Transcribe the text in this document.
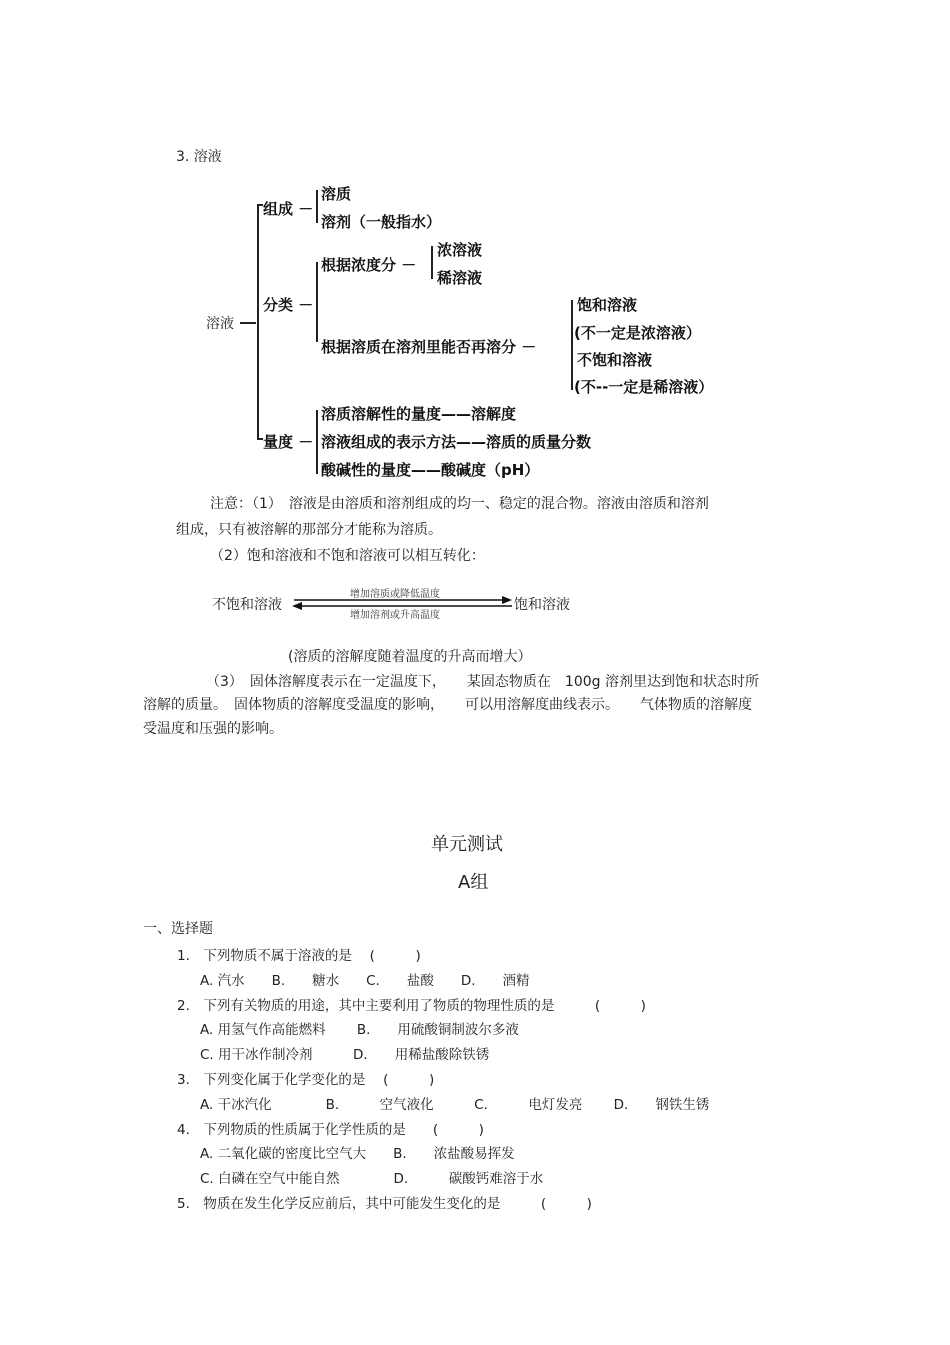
3. 溶液
溶液
组成 －
溶质
溶剂（一般指水）
分类 －
根据浓度分 －
浓溶液
稀溶液
根据溶质在溶剂里能否再溶分 －
饱和溶液
(不一定是浓溶液）
不饱和溶液
(不--一定是稀溶液）
量度 －
溶质溶解性的量度——溶解度
溶液组成的表示方法——溶质的质量分数
酸碱性的量度——酸碱度（pH）
注意：（1）　溶液是由溶质和溶剂组成的均一、稳定的混合物。溶液由溶质和溶剂
组成，只有被溶解的那部分才能称为溶质。
（2）饱和溶液和不饱和溶液可以相互转化：
不饱和溶液
增加溶质或降低温度
增加溶剂或升高温度
饱和溶液
(溶质的溶解度随着温度的升高而增大）
（3）　固体溶解度表示在一定温度下，　　某固态物质在　100g 溶剂里达到饱和状态时所
溶解的质量。　固体物质的溶解度受温度的影响，　　可以用溶解度曲线表示。　　气体物质的溶解度
受温度和压强的影响。
单元测试
A组
一、选择题
1.　下列物质不属于溶液的是　 (　　　)
A. 汽水　　B.　　糖水　　C.　　盐酸　　D.　　酒精
2.　下列有关物质的用途，其中主要利用了物质的物理性质的是　　　(　　　)
A. 用氢气作高能燃料　　 B.　　用硫酸铜制波尔多液
C. 用干冰作制冷剂　　　D.　　用稀盐酸除铁锈
3.　下列变化属于化学变化的是　 (　　　)
A. 干冰汽化　　　　B.　　　空气液化　　　C.　　　电灯发亮　　 D.　　钢铁生锈
4.　下列物质的性质属于化学性质的是　　(　　　)
A. 二氧化碳的密度比空气大　　B.　　浓盐酸易挥发
C. 白磷在空气中能自然　　　　D.　　　碳酸钙难溶于水
5.　物质在发生化学反应前后，其中可能发生变化的是　　　(　　　)
